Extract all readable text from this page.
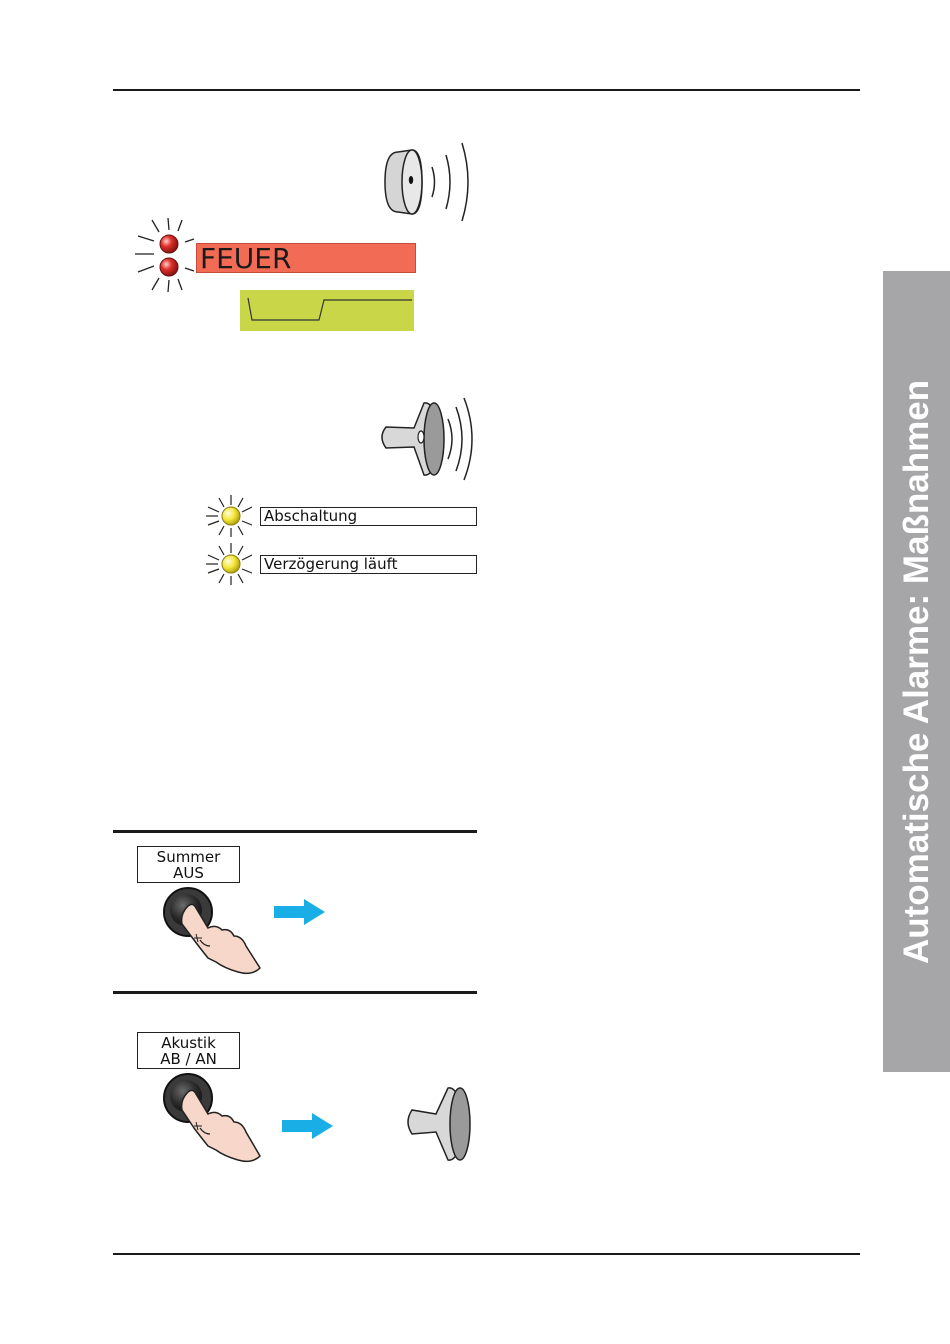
FEUER
Abschaltung
Verzögerung läuft
Summer
AUS
Akustik
AB / AN
Automatische Alarme: Maßnahmen
